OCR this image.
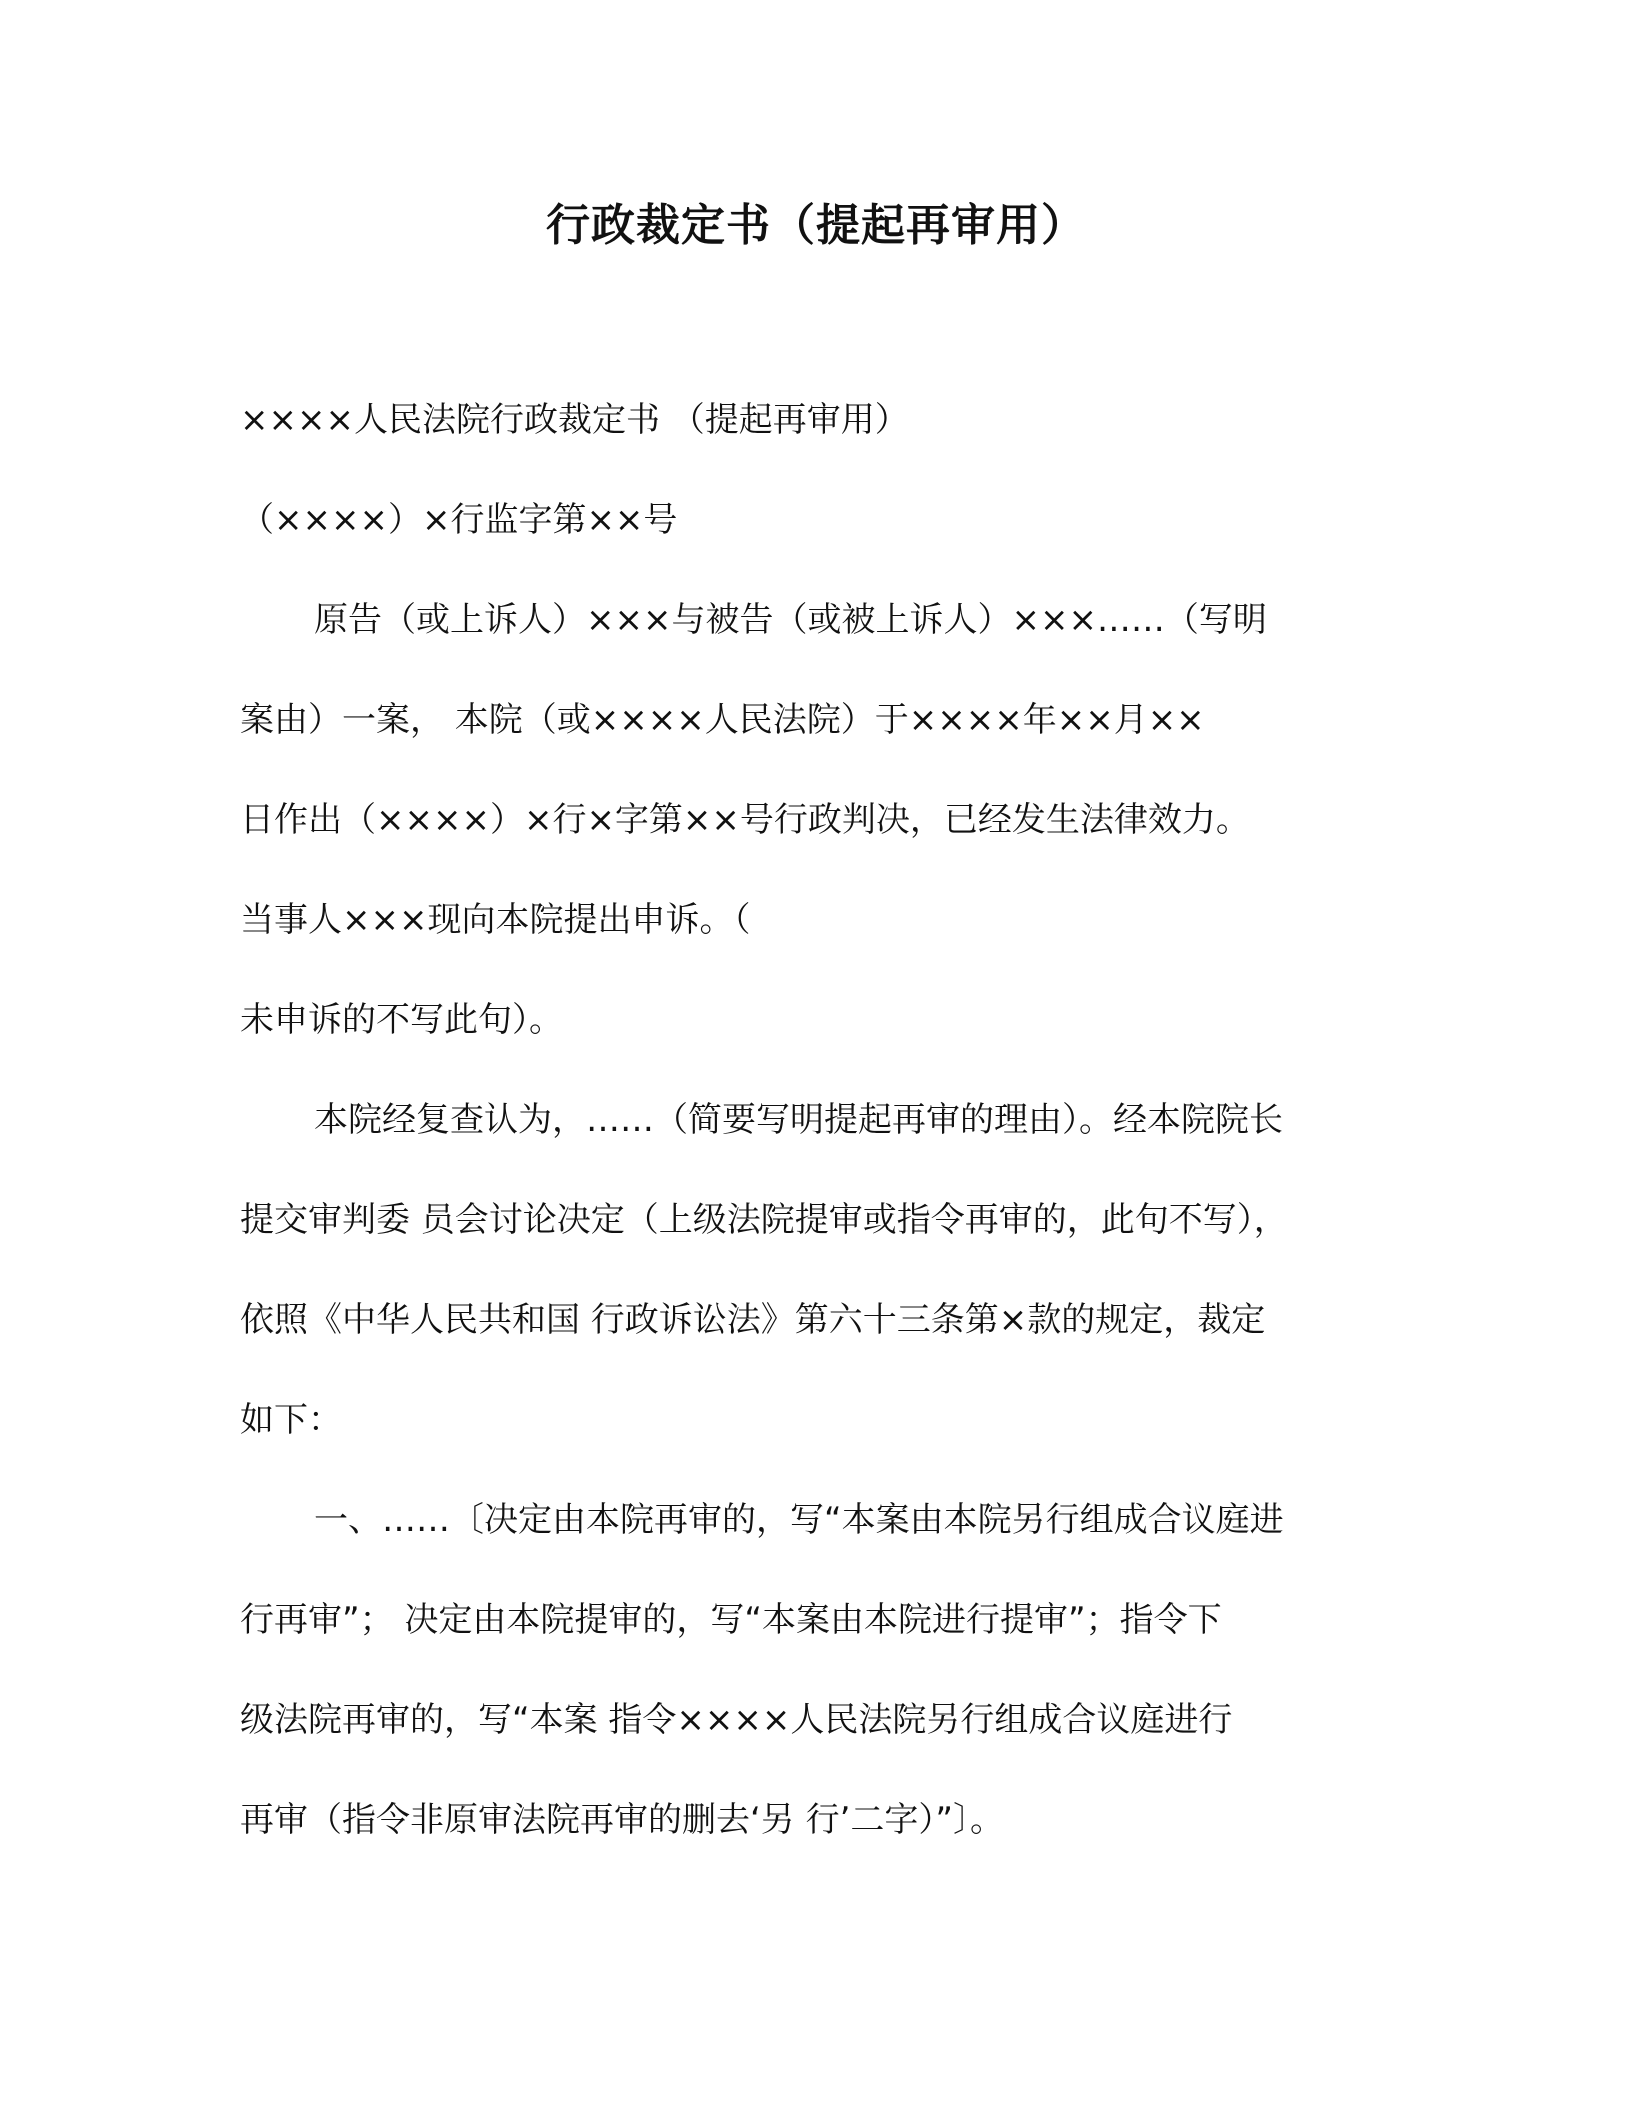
行政裁定书（提起再审用）
××××人民法院行政裁定书 （提起再审用）
（××××）×行监字第××号
原告（或上诉人）×××与被告（或被上诉人）×××……（写明
案由）一案， 本院（或××××人民法院）于××××年××月××
日作出（××××）×行×字第××号行政判决，已经发生法律效力。
当事人×××现向本院提出申诉。（
未申诉的不写此句）。
本院经复查认为，……（简要写明提起再审的理由）。经本院院长
提交审判委 员会讨论决定（上级法院提审或指令再审的，此句不写），
依照《中华人民共和国 行政诉讼法》第六十三条第×款的规定，裁定
如下：
一、……〔决定由本院再审的，写“本案由本院另行组成合议庭进
行再审”； 决定由本院提审的，写“本案由本院进行提审”；指令下
级法院再审的，写“本案 指令××××人民法院另行组成合议庭进行
再审（指令非原审法院再审的删去‘另 行’二字）”〕。
